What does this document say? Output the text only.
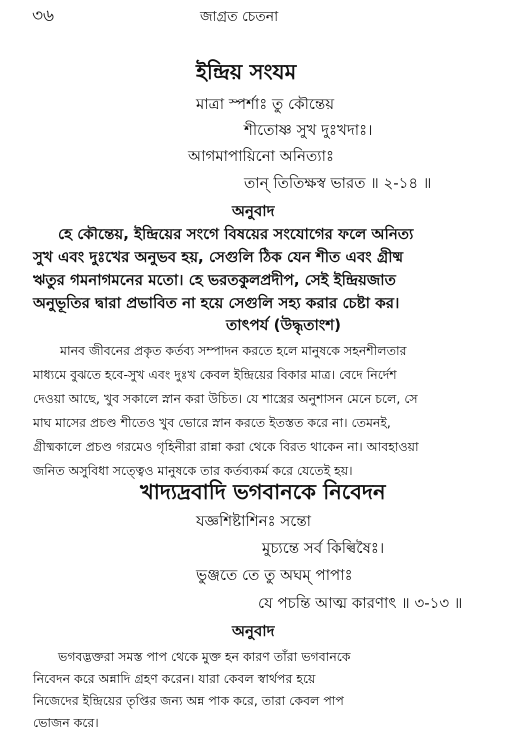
৩৬	জাগ্রত চেতনা
ইন্দ্রিয় সংযম
মাত্রা স্পর্শাঃ তু কৌন্তেয়
শীতোষ্ণ সুখ দুঃখদাঃ।
আগমাপায়িনো অনিত্যাঃ
তান্ তিতিক্ষস্ব ভারত ॥ ২-১৪ ॥
অনুবাদ
হে কৌন্তেয়, ইন্দ্রিয়ের সংগে বিষয়ের সংযোগের ফলে অনিত্য
সুখ এবং দুঃখের অনুভব হয়, সেগুলি ঠিক যেন শীত এবং গ্রীষ্ম
ঋতুর গমনাগমনের মতো। হে ভরতকুলপ্রদীপ, সেই ইন্দ্রিয়জাত
অনুভূতির দ্বারা প্রভাবিত না হয়ে সেগুলি সহ্য করার চেষ্টা কর।
তাৎপর্য (উদ্ধৃতাংশ)
মানব জীবনের প্রকৃত কর্তব্য সম্পাদন করতে হলে মানুষকে সহনশীলতার
মাধ্যমে বুঝতে হবে-সুখ এবং দুঃখ কেবল ইন্দ্রিয়ের বিকার মাত্র। বেদে নির্দেশ
দেওয়া আছে, খুব সকালে স্নান করা উচিত। যে শাস্ত্রের অনুশাসন মেনে চলে, সে
মাঘ মাসের প্রচণ্ড শীতেও খুব ভোরে স্নান করতে ইতস্তত করে না। তেমনই,
গ্রীষ্মকালে প্রচণ্ড গরমেও গৃহিনীরা রান্না করা থেকে বিরত থাকেন না। আবহাওয়া
জনিত অসুবিধা সত্ত্বেও মানুষকে তার কর্তব্যকর্ম করে যেতেই হয়।
খাদ্যদ্রবাদি ভগবানকে নিবেদন
যজ্ঞশিষ্টাশিনঃ সন্তো
মুচ্যন্তে সর্ব কিল্বিষৈঃ।
ভুঞ্জতে তে তু অঘম্ পাপাঃ
যে পচন্তি আত্ম কারণাৎ ॥ ৩-১৩ ॥
অনুবাদ
ভগবদ্ভক্তরা সমস্ত পাপ থেকে মুক্ত হন কারণ তাঁরা ভগবানকে
নিবেদন করে অন্নাদি গ্রহণ করেন। যারা কেবল স্বার্থপর হয়ে
নিজেদের ইন্দ্রিয়ের তৃপ্তির জন্য অন্ন পাক করে, তারা কেবল পাপ
ভোজন করে।
